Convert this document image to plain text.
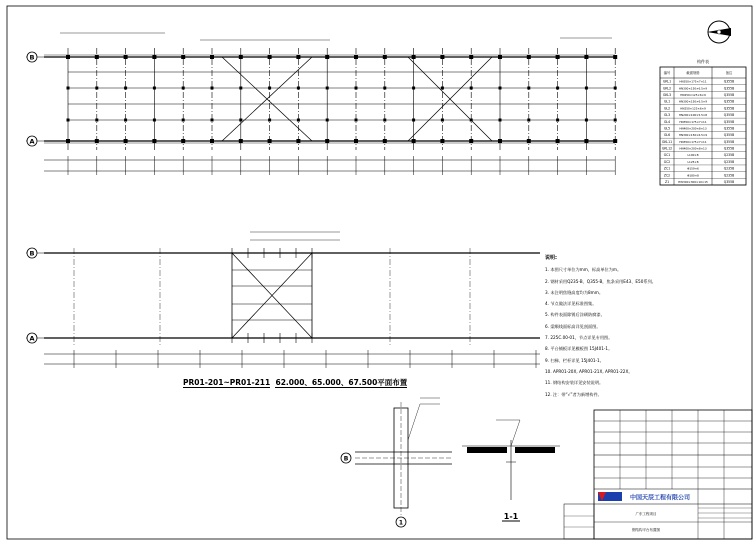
B
A
B
A
B
1
1-1
构件表
编号	截面规格	备注
GKL1	HN350×175×7×11	Q355B
GKL2	HN300×150×6.5×9	Q355B
GKL3	HN250×125×6×9	Q355B
GL1	HN300×150×6.5×9	Q355B
GL2	HN250×125×6×9	Q355B
GL3	HN200×100×5.5×8	Q355B
GL4	HN350×175×7×11	Q355B
GL5	HN400×200×8×13	Q355B
GL6	HN300×150×6.5×9	Q355B
GKL11	HN350×175×7×11	Q355B
GKL12	HN400×200×8×13	Q355B
GC1	L100×8	Q235B
GC2	L125×8	Q235B
ZC1	Φ159×6	Q235B
ZC2	Φ180×8	Q235B
Z1	HW300×300×10×15	Q355B
中国天辰工程有限公司
广东工程项目
钢结构平台布置图
PR01-201~PR01-211 62.000、65.000、67.500平面布置
说明:
1. 本图尺寸单位为mm，标高单位为m。
2. 钢材采用Q235-B、Q355-B，焦条采用E43、E50系列。
3. 未注明焦缝高度均为8mm。
4. 节点做法详见标准图集。
5. 构件表面除锈后涂刷防腐漆。
6. 梁顺线面标高详见剖面图。
7. 225C.00-01，节点详见专用图。
8. 平台铺板详见模板图 15J401-1。
9. 扫梯、栏杆详见 15J401-1。
10. APR01-20X, APR01-21X, APR01-22X。
11. 钢结构安装详见安装说明。
12. 注：带“√”者为新增构件。
